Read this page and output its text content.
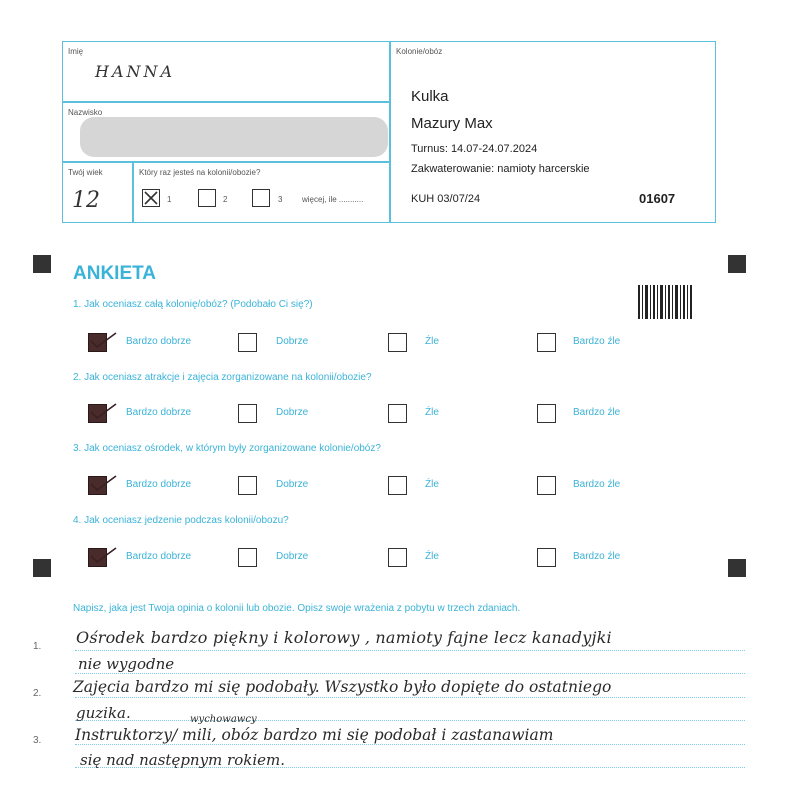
Imię
HANNA
Nazwisko
Twój wiek
12
Który raz jesteś na kolonii/obozie?
1	2	3 więcej, ile ...........
Kolonie/obóz
Kulka
Mazury Max
Turnus: 14.07-24.07.2024
Zakwaterowanie: namioty harcerskie
KUH 03/07/24	01607
ANKIETA
1. Jak oceniasz całą kolonię/obóz? (Podobało Ci się?)
2. Jak oceniasz atrakcje i zajęcia zorganizowane na kolonii/obozie?
3. Jak oceniasz ośrodek, w którym były zorganizowane kolonie/obóz?
4. Jak oceniasz jedzenie podczas kolonii/obozu?
Bardzo dobrze	Dobrze	Źle	Bardzo źle
Bardzo dobrze	Dobrze	Źle	Bardzo źle
Bardzo dobrze	Dobrze	Źle	Bardzo źle
Bardzo dobrze	Dobrze	Źle	Bardzo źle
Napisz, jaka jest Twoja opinia o kolonii lub obozie. Opisz swoje wrażenia z pobytu w trzech zdaniach.
1.
2.
3.
Ośrodek bardzo piękny i kolorowy , namioty fajne lecz kanadyjki
nie wygodne
Zajęcia bardzo mi się podobały. Wszystko było dopięte do ostatniego
guzika.	wychowawcy
Instruktorzy/ mili, obóz bardzo mi się podobał i zastanawiam
się nad następnym rokiem.
